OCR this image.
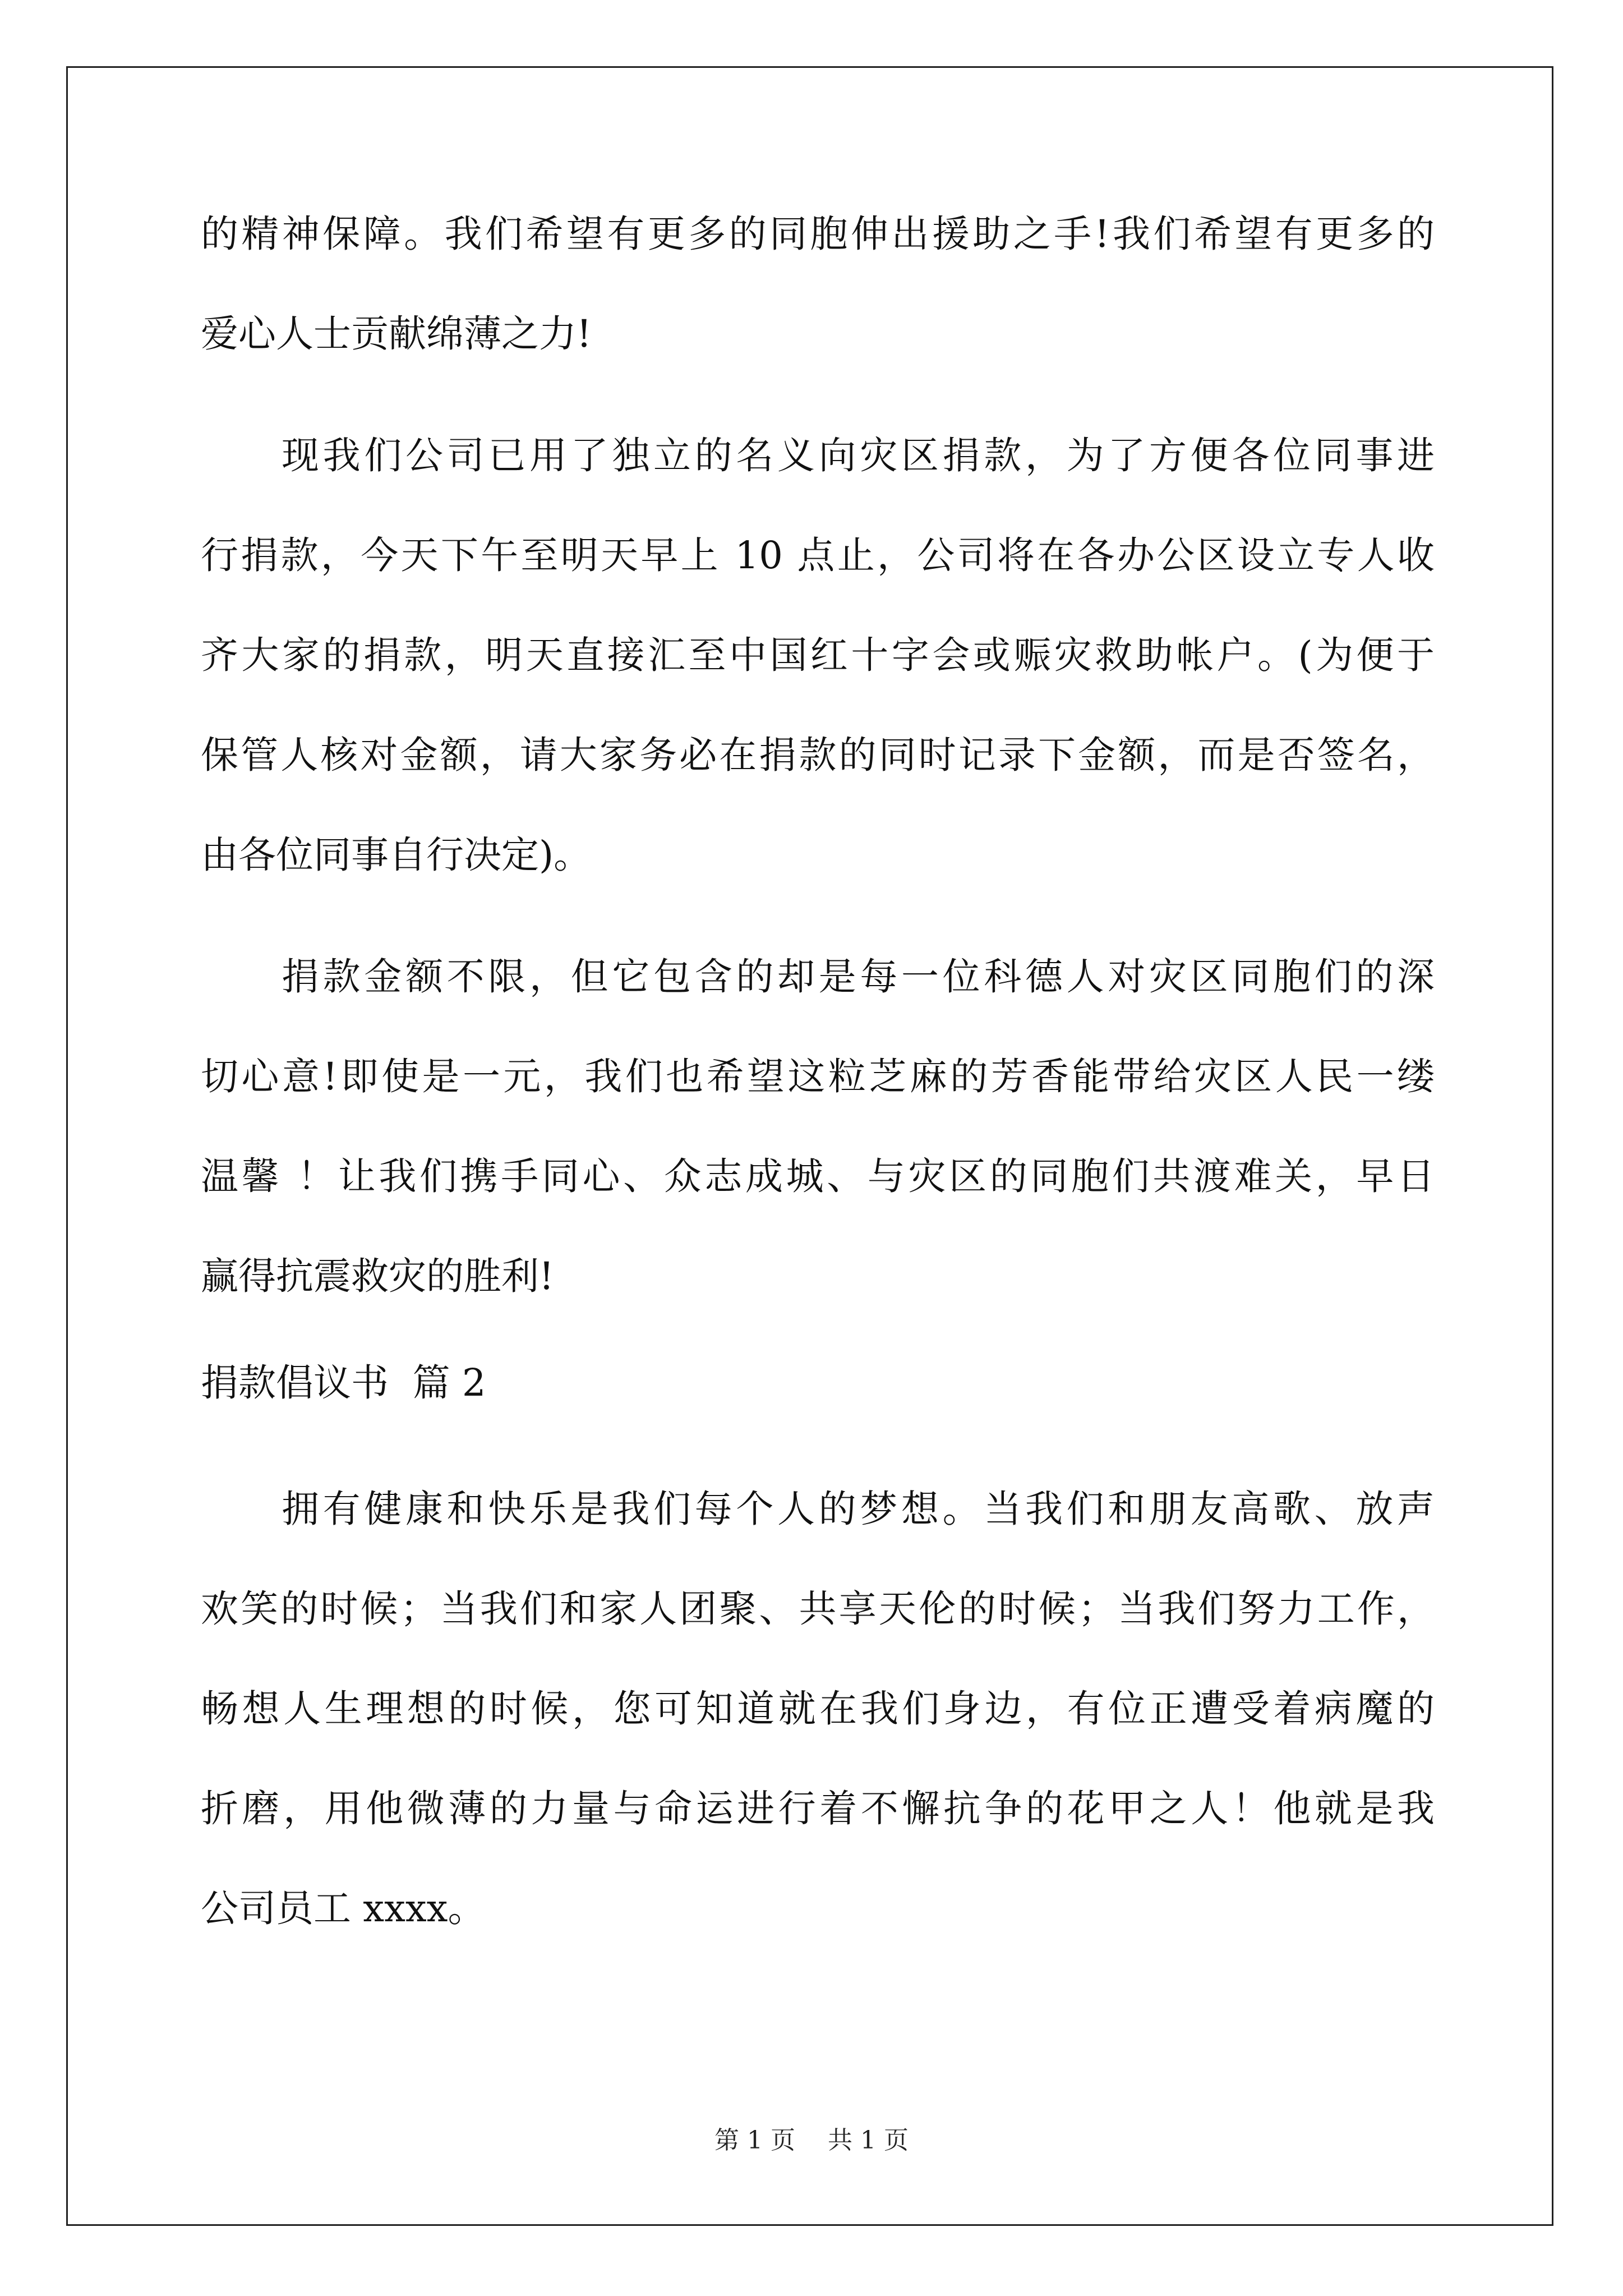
的精神保障。我们希望有更多的同胞伸出援助之手!我们希望有更多的
爱心人士贡献绵薄之力!
现我们公司已用了独立的名义向灾区捐款，为了方便各位同事进
行捐款，今天下午至明天早上 10 点止，公司将在各办公区设立专人收
齐大家的捐款，明天直接汇至中国红十字会或赈灾救助帐户。(为便于
保管人核对金额，请大家务必在捐款的同时记录下金额，而是否签名，
由各位同事自行决定)。
捐款金额不限，但它包含的却是每一位科德人对灾区同胞们的深
切心意!即使是一元，我们也希望这粒芝麻的芳香能带给灾区人民一缕
温馨 ！让我们携手同心、众志成城、与灾区的同胞们共渡难关，早日
赢得抗震救灾的胜利!
捐款倡议书  篇 2
拥有健康和快乐是我们每个人的梦想。当我们和朋友高歌、放声
欢笑的时候；当我们和家人团聚、共享天伦的时候；当我们努力工作，
畅想人生理想的时候，您可知道就在我们身边，有位正遭受着病魔的
折磨，用他微薄的力量与命运进行着不懈抗争的花甲之人！他就是我
公司员工 xxxx。
第 1 页 共 1 页
